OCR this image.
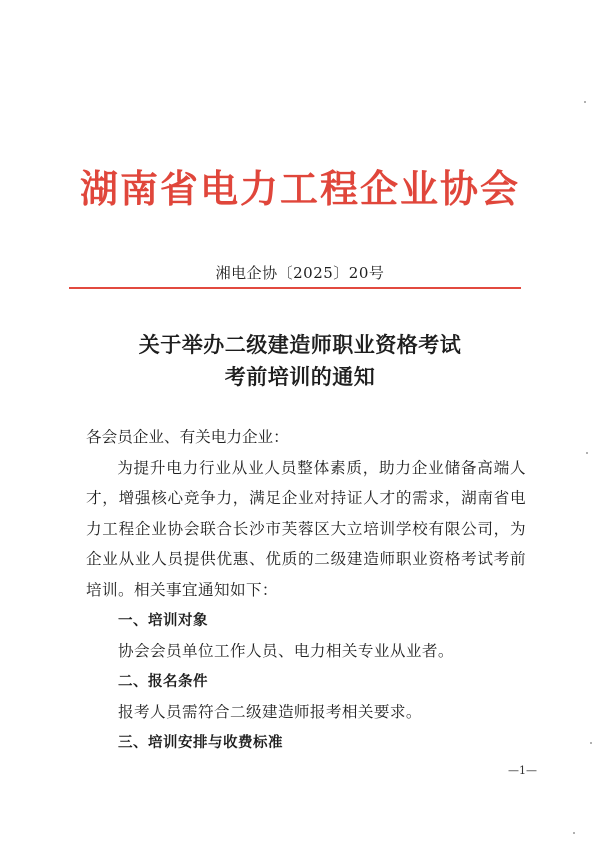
湖南省电力工程企业协会
湘电企协〔2025〕20号
关于举办二级建造师职业资格考试
考前培训的通知

各会员企业、有关电力企业：

为提升电力行业从业人员整体素质，助力企业储备高端人才，增强核心竞争力，满足企业对持证人才的需求，湖南省电力工程企业协会联合长沙市芙蓉区大立培训学校有限公司，为企业从业人员提供优惠、优质的二级建造师职业资格考试考前培训。相关事宜通知如下：

一、培训对象

协会会员单位工作人员、电力相关专业从业者。

二、报名条件

报考人员需符合二级建造师报考相关要求。

三、培训安排与收费标准

—1—
